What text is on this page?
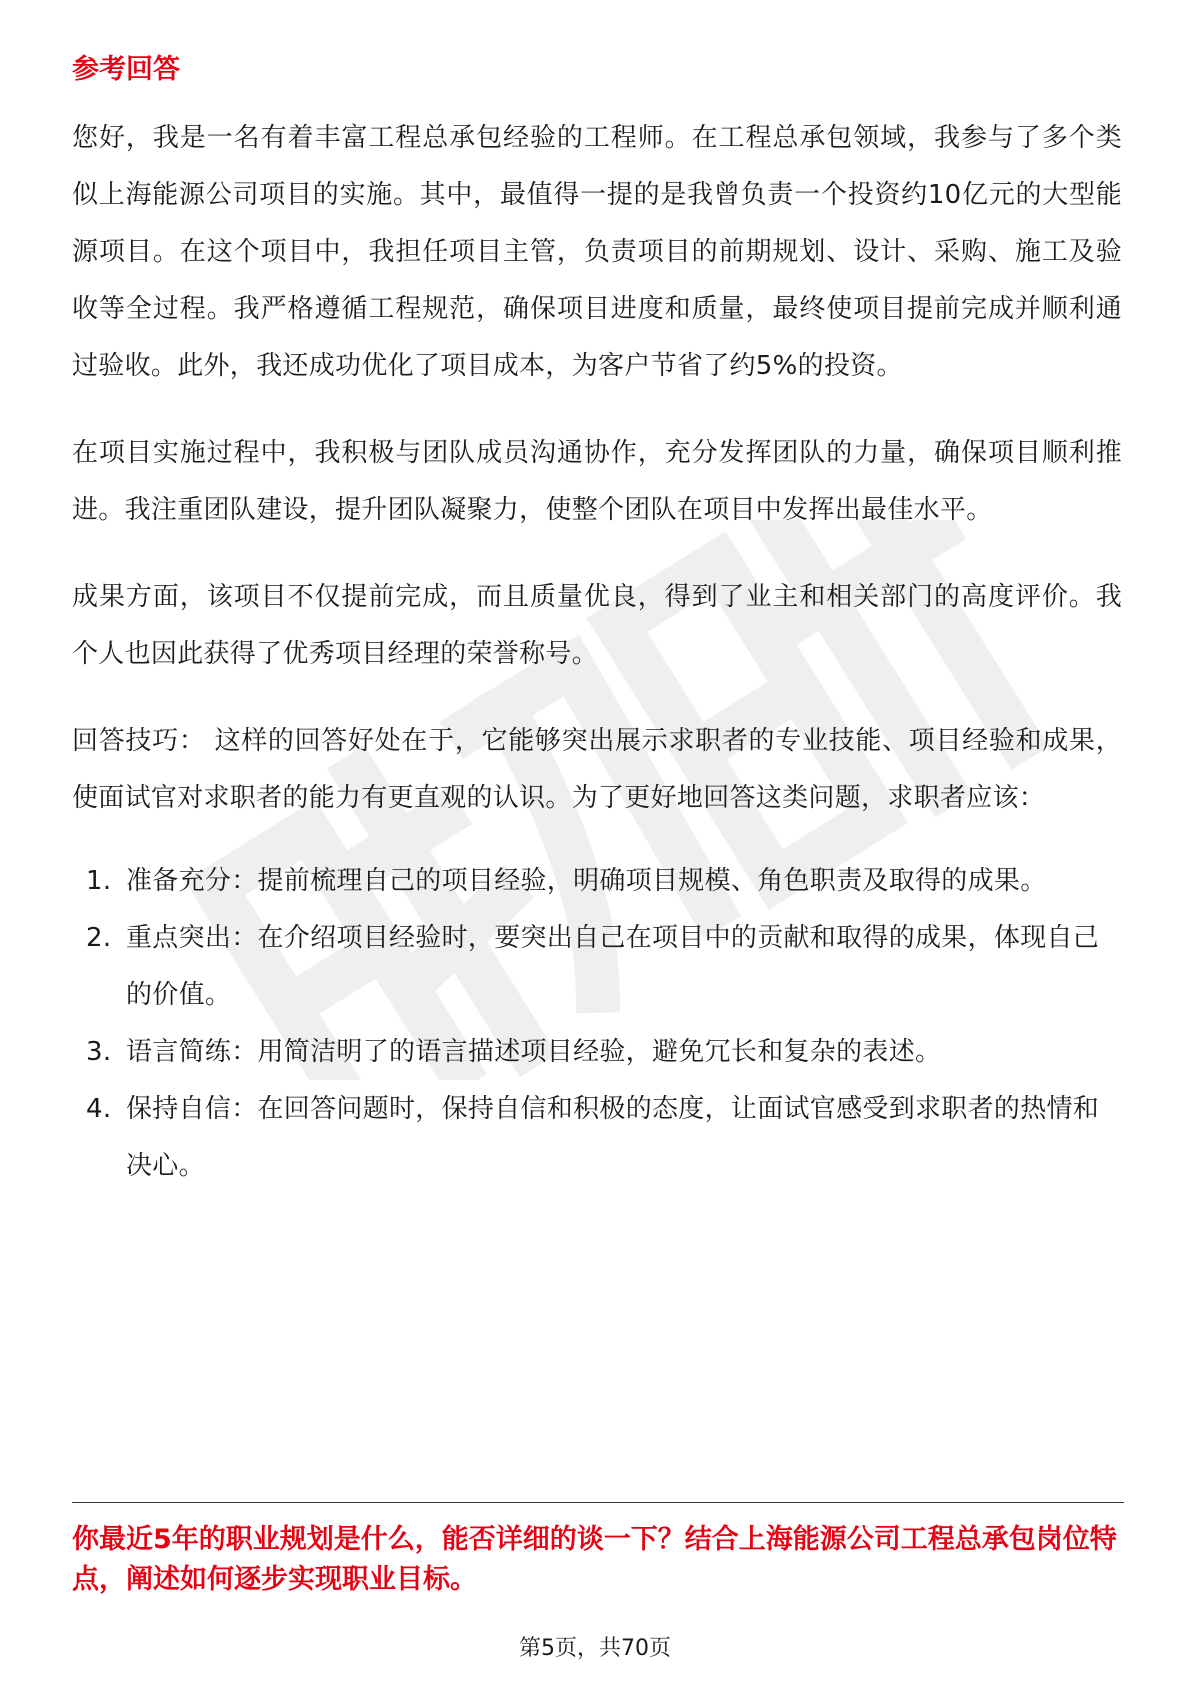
参考回答

您好，我是一名有着丰富工程总承包经验的工程师。在工程总承包领域，我参与了多个类似上海能源公司项目的实施。其中，最值得一提的是我曾负责一个投资约10亿元的大型能源项目。在这个项目中，我担任项目主管，负责项目的前期规划、设计、采购、施工及验收等全过程。我严格遵循工程规范，确保项目进度和质量，最终使项目提前完成并顺利通过验收。此外，我还成功优化了项目成本，为客户节省了约5%的投资。

在项目实施过程中，我积极与团队成员沟通协作，充分发挥团队的力量，确保项目顺利推进。我注重团队建设，提升团队凝聚力，使整个团队在项目中发挥出最佳水平。

成果方面，该项目不仅提前完成，而且质量优良，得到了业主和相关部门的高度评价。我个人也因此获得了优秀项目经理的荣誉称号。

回答技巧： 这样的回答好处在于，它能够突出展示求职者的专业技能、项目经验和成果，使面试官对求职者的能力有更直观的认识。为了更好地回答这类问题，求职者应该：

1. 准备充分：提前梳理自己的项目经验，明确项目规模、角色职责及取得的成果。
2. 重点突出：在介绍项目经验时，要突出自己在项目中的贡献和取得的成果，体现自己的价值。
3. 语言简练：用简洁明了的语言描述项目经验，避免冗长和复杂的表述。
4. 保持自信：在回答问题时，保持自信和积极的态度，让面试官感受到求职者的热情和决心。
你最近5年的职业规划是什么，能否详细的谈一下？结合上海能源公司工程总承包岗位特点，阐述如何逐步实现职业目标。
第5页，共70页
